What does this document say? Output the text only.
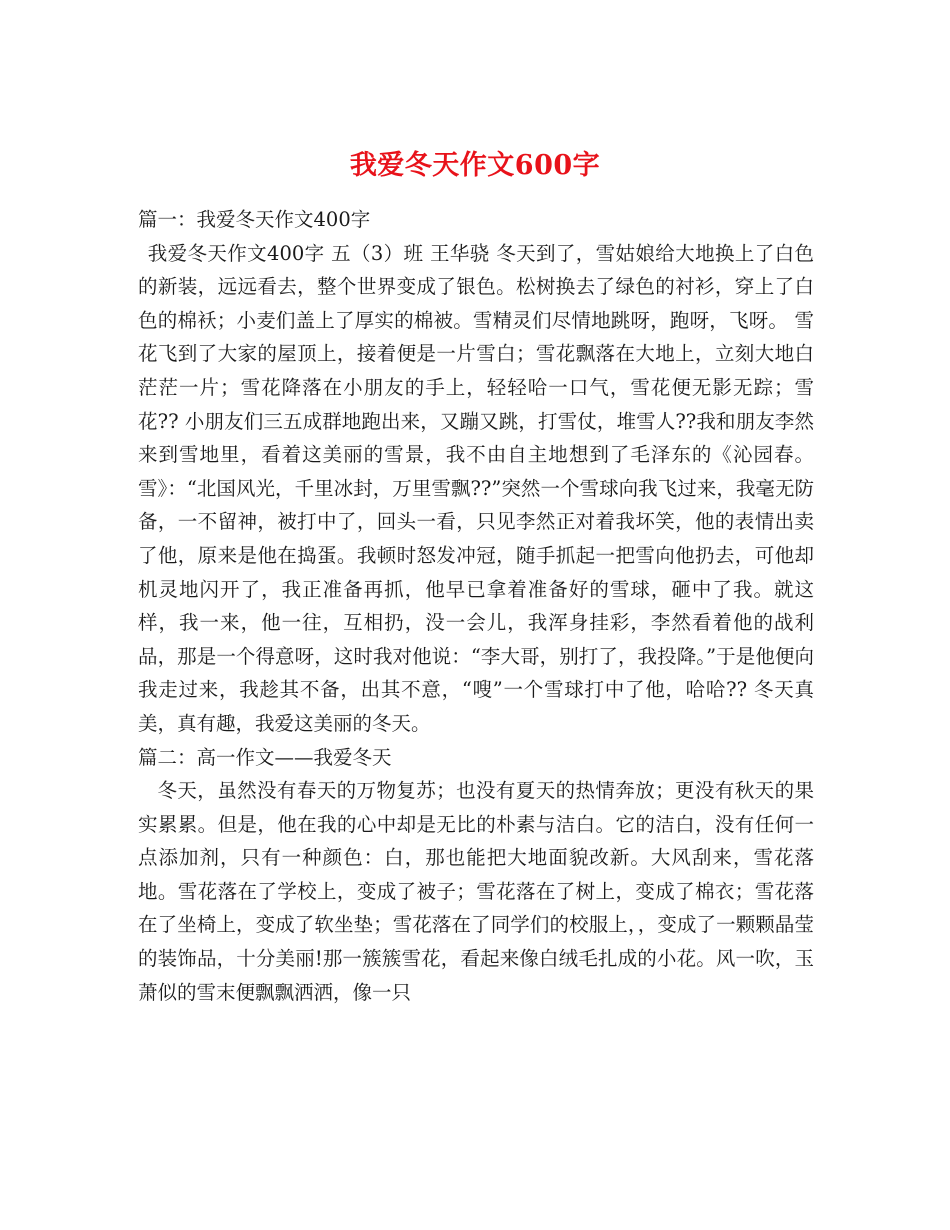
我爱冬天作文600字
篇一：我爱冬天作文400字

我爱冬天作文400字 五（3）班 王华骁 冬天到了，雪姑娘给大地换上了白色的新装，远远看去，整个世界变成了银色。松树换去了绿色的衬衫，穿上了白色的棉袄；小麦们盖上了厚实的棉被。雪精灵们尽情地跳呀，跑呀，飞呀。 雪花飞到了大家的屋顶上，接着便是一片雪白；雪花飘落在大地上，立刻大地白茫茫一片；雪花降落在小朋友的手上，轻轻哈一口气，雪花便无影无踪；雪花?? 小朋友们三五成群地跑出来，又蹦又跳，打雪仗，堆雪人??我和朋友李然来到雪地里，看着这美丽的雪景，我不由自主地想到了毛泽东的《沁园春。雪》：“北国风光，千里冰封，万里雪飘??”突然一个雪球向我飞过来，我毫无防备，一不留神，被打中了，回头一看，只见李然正对着我坏笑，他的表情出卖了他，原来是他在捣蛋。我顿时怒发冲冠，随手抓起一把雪向他扔去，可他却机灵地闪开了，我正准备再抓，他早已拿着准备好的雪球，砸中了我。就这样，我一来，他一往，互相扔，没一会儿，我浑身挂彩，李然看着他的战利品，那是一个得意呀，这时我对他说：“李大哥，别打了，我投降。”于是他便向我走过来，我趁其不备，出其不意，“嗖”一个雪球打中了他，哈哈?? 冬天真美，真有趣，我爱这美丽的冬天。

篇二：高一作文——我爱冬天

冬天，虽然没有春天的万物复苏；也没有夏天的热情奔放；更没有秋天的果实累累。但是，他在我的心中却是无比的朴素与洁白。它的洁白，没有任何一点添加剂，只有一种颜色：白，那也能把大地面貌改新。大风刮来，雪花落地。雪花落在了学校上，变成了被子；雪花落在了树上，变成了棉衣；雪花落在了坐椅上，变成了软坐垫；雪花落在了同学们的校服上，，变成了一颗颗晶莹的装饰品，十分美丽!那一簇簇雪花，看起来像白绒毛扎成的小花。风一吹，玉萧似的雪末便飘飘洒洒，像一只
